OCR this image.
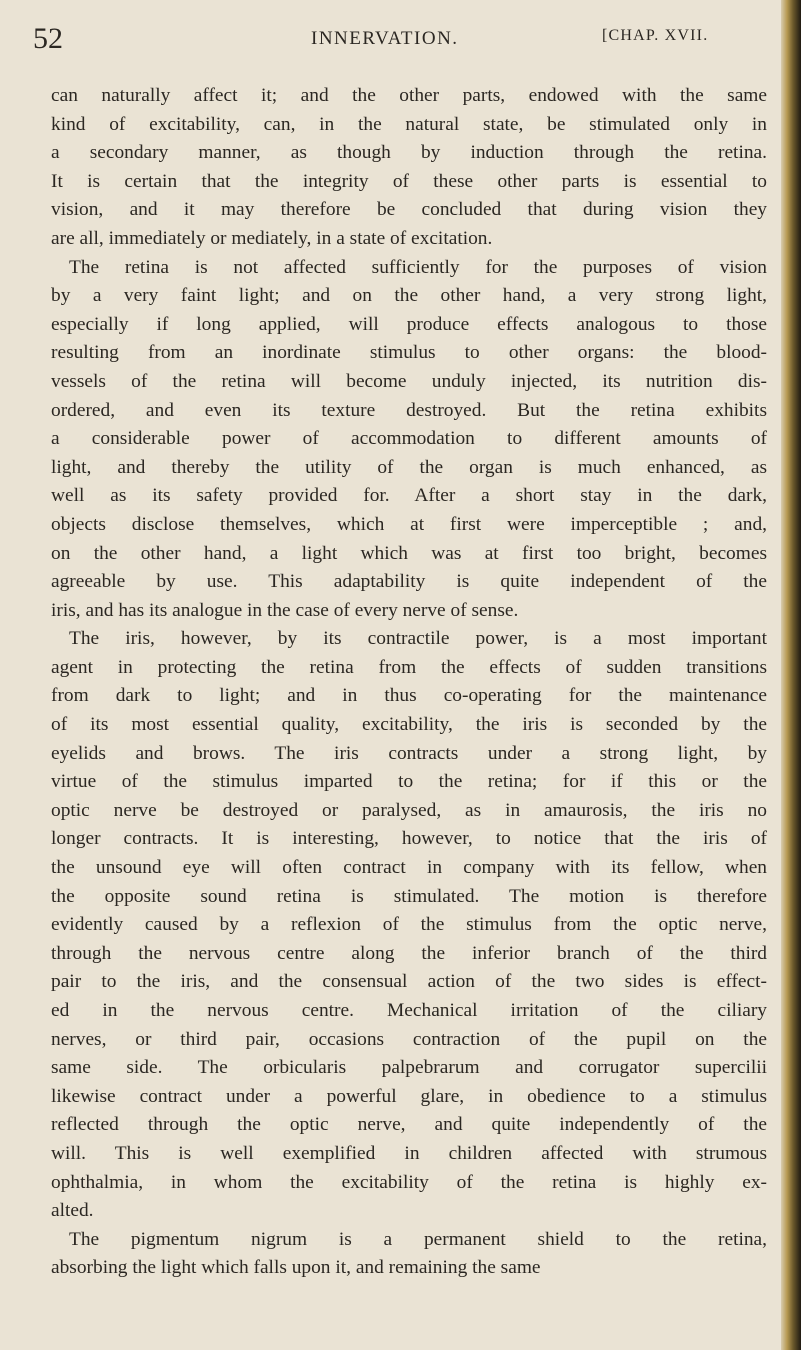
52	INNERVATION.	[CHAP. XVII.
can naturally affect it; and the other parts, endowed with the same
kind of excitability, can, in the natural state, be stimulated only in
a secondary manner, as though by induction through the retina.
It is certain that the integrity of these other parts is essential to
vision, and it may therefore be concluded that during vision they
are all, immediately or mediately, in a state of excitation.
The retina is not affected sufficiently for the purposes of vision
by a very faint light; and on the other hand, a very strong light,
especially if long applied, will produce effects analogous to those
resulting from an inordinate stimulus to other organs: the blood-
vessels of the retina will become unduly injected, its nutrition dis-
ordered, and even its texture destroyed. But the retina exhibits
a considerable power of accommodation to different amounts of
light, and thereby the utility of the organ is much enhanced, as
well as its safety provided for. After a short stay in the dark,
objects disclose themselves, which at first were imperceptible ; and,
on the other hand, a light which was at first too bright, becomes
agreeable by use. This adaptability is quite independent of the
iris, and has its analogue in the case of every nerve of sense.
The iris, however, by its contractile power, is a most important
agent in protecting the retina from the effects of sudden transitions
from dark to light; and in thus co-operating for the maintenance
of its most essential quality, excitability, the iris is seconded by the
eyelids and brows. The iris contracts under a strong light, by
virtue of the stimulus imparted to the retina; for if this or the
optic nerve be destroyed or paralysed, as in amaurosis, the iris no
longer contracts. It is interesting, however, to notice that the iris of
the unsound eye will often contract in company with its fellow, when
the opposite sound retina is stimulated. The motion is therefore
evidently caused by a reflexion of the stimulus from the optic nerve,
through the nervous centre along the inferior branch of the third
pair to the iris, and the consensual action of the two sides is effect-
ed in the nervous centre. Mechanical irritation of the ciliary
nerves, or third pair, occasions contraction of the pupil on the
same side. The orbicularis palpebrarum and corrugator supercilii
likewise contract under a powerful glare, in obedience to a stimulus
reflected through the optic nerve, and quite independently of the
will. This is well exemplified in children affected with strumous
ophthalmia, in whom the excitability of the retina is highly ex-
alted.
The pigmentum nigrum is a permanent shield to the retina,
absorbing the light which falls upon it, and remaining the same
